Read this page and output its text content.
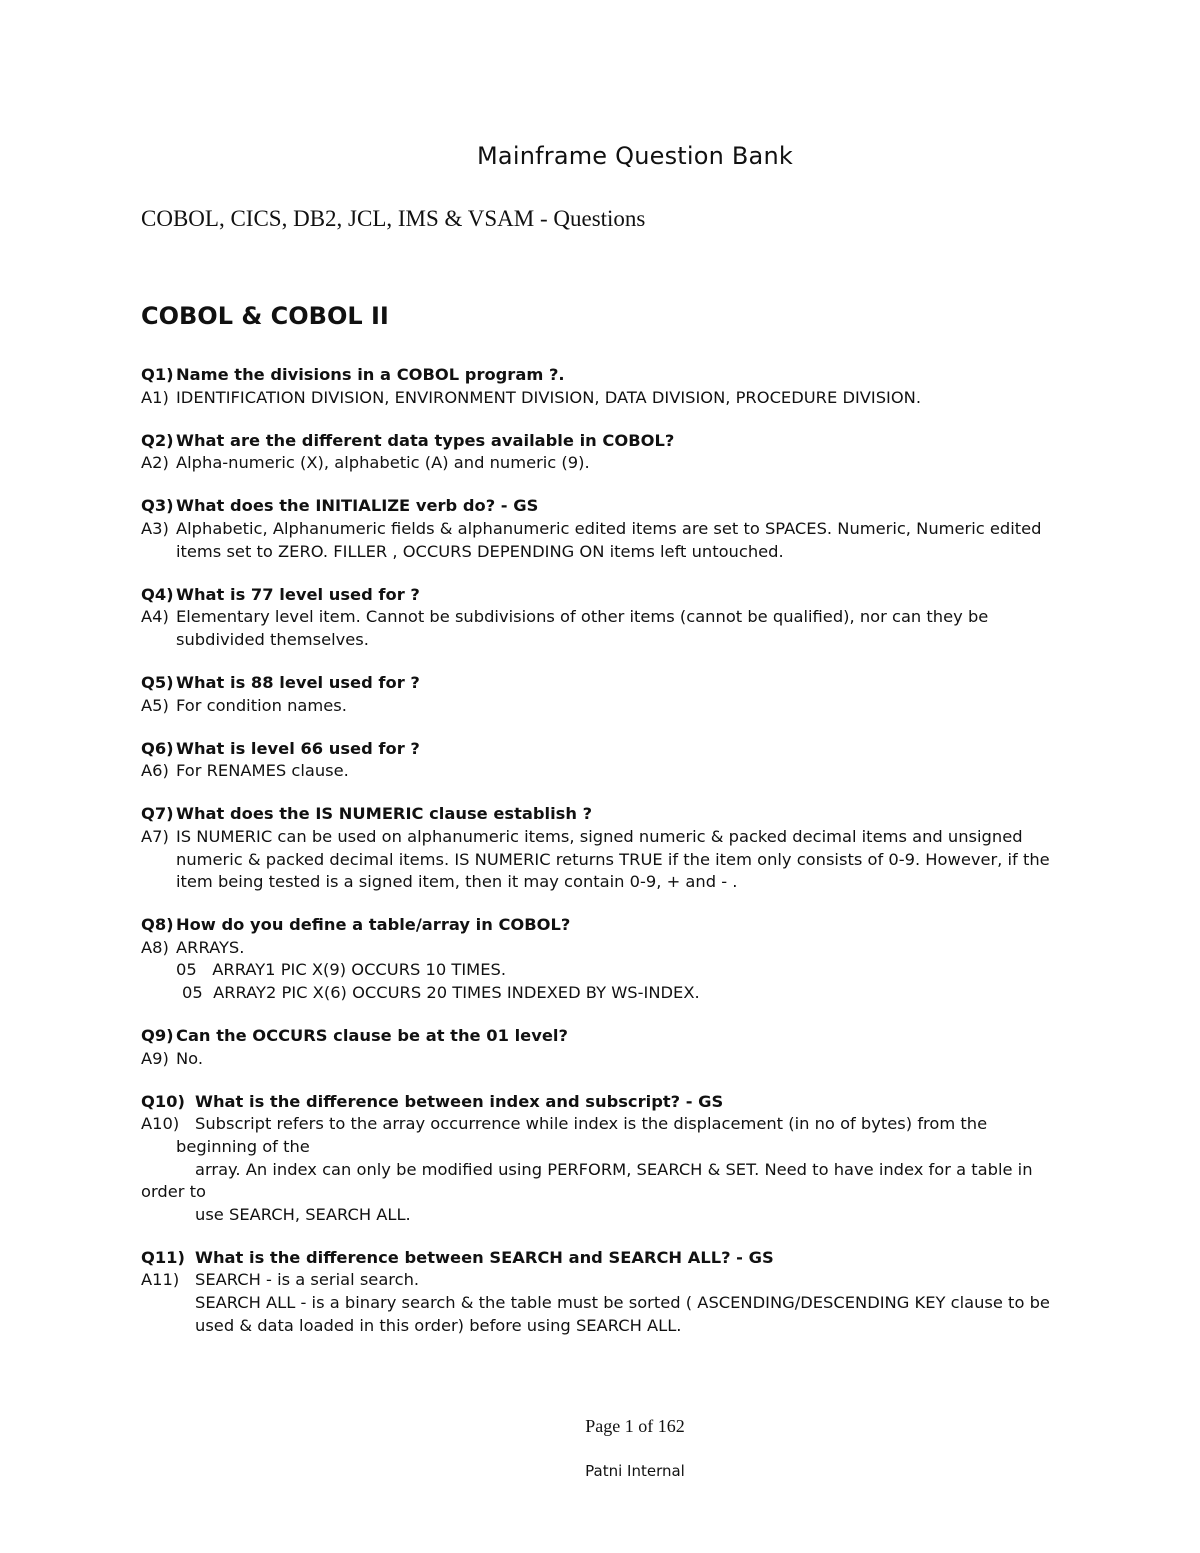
Mainframe Question Bank
COBOL, CICS, DB2, JCL, IMS & VSAM - Questions
COBOL & COBOL II
Q1) Name the divisions in a COBOL program ?.
A1) IDENTIFICATION DIVISION, ENVIRONMENT DIVISION, DATA DIVISION, PROCEDURE DIVISION.
Q2) What are the different data types available in COBOL?
A2) Alpha-numeric (X), alphabetic (A) and numeric (9).
Q3) What does the INITIALIZE verb do? - GS
A3) Alphabetic, Alphanumeric fields & alphanumeric edited items are set to SPACES. Numeric, Numeric edited
items set to ZERO. FILLER , OCCURS DEPENDING ON items left untouched.
Q4) What is 77 level used for ?
A4) Elementary level item. Cannot be subdivisions of other items (cannot be qualified), nor can they be
subdivided themselves.
Q5) What is 88 level used for ?
A5) For condition names.
Q6) What is level 66 used for ?
A6) For RENAMES clause.
Q7) What does the IS NUMERIC clause establish ?
A7) IS NUMERIC can be used on alphanumeric items, signed numeric & packed decimal items and unsigned
numeric & packed decimal items. IS NUMERIC returns TRUE if the item only consists of 0-9. However, if the
item being tested is a signed item, then it may contain 0-9, + and - .
Q8) How do you define a table/array in COBOL?
A8) ARRAYS.
05   ARRAY1 PIC X(9) OCCURS 10 TIMES.
05  ARRAY2 PIC X(6) OCCURS 20 TIMES INDEXED BY WS-INDEX.
Q9) Can the OCCURS clause be at the 01 level?
A9) No.
Q10) What is the difference between index and subscript? - GS
A10) Subscript refers to the array occurrence while index is the displacement (in no of bytes) from the
beginning of the
array. An index can only be modified using PERFORM, SEARCH & SET. Need to have index for a table in
order to
use SEARCH, SEARCH ALL.
Q11) What is the difference between SEARCH and SEARCH ALL? - GS
A11) SEARCH - is a serial search.
SEARCH ALL - is a binary search & the table must be sorted ( ASCENDING/DESCENDING KEY clause to be
used & data loaded in this order) before using SEARCH ALL.
Page 1 of 162
Patni Internal
